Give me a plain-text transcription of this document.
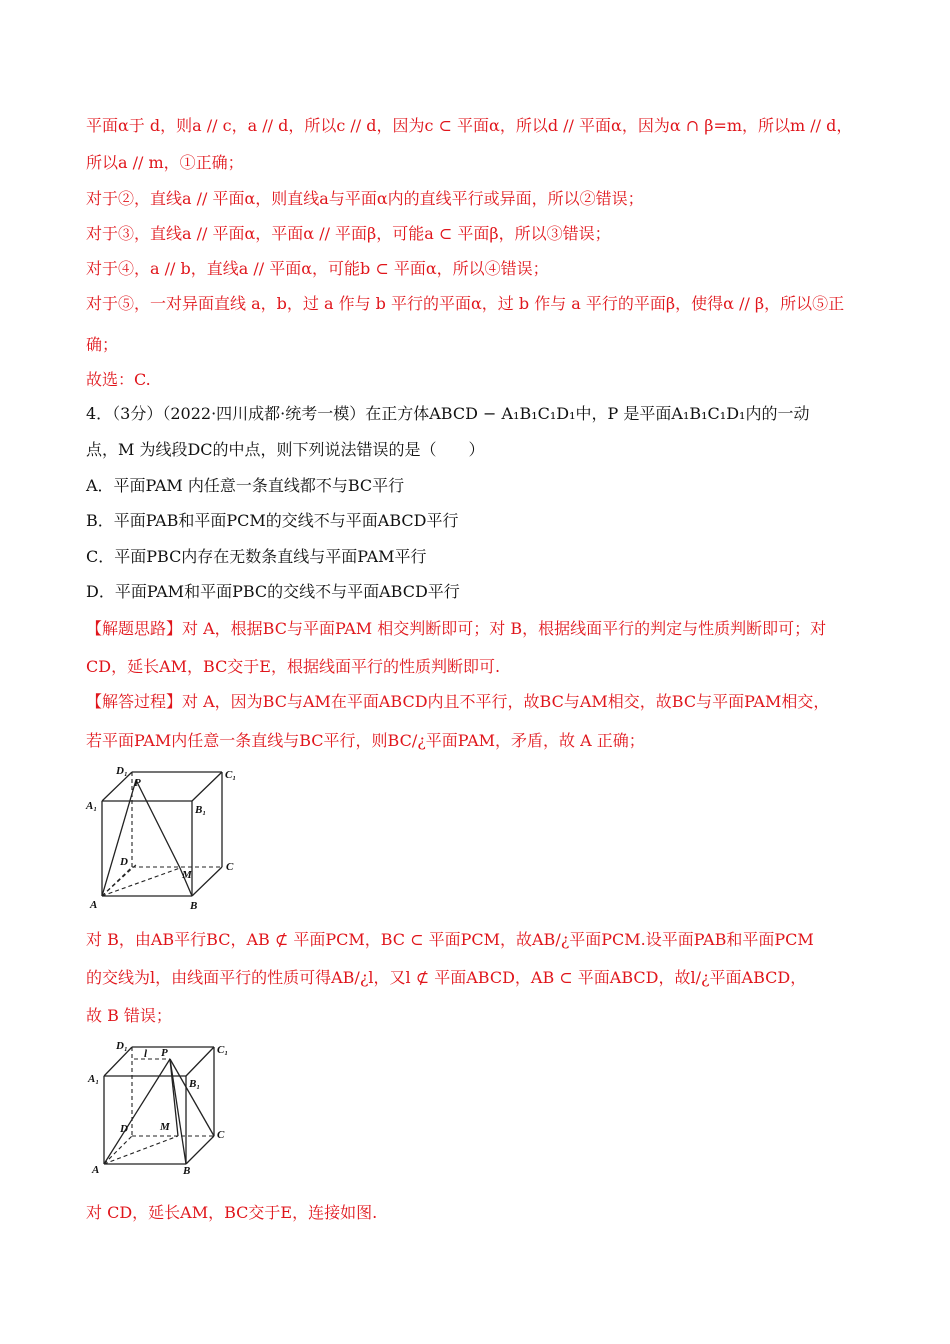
平面α于 d，则a // c，a // d，所以c // d，因为c ⊂ 平面α，所以d // 平面α，因为α ∩ β=m，所以m // d，
所以a // m，①正确；
对于②，直线a // 平面α，则直线a与平面α内的直线平行或异面，所以②错误；
对于③，直线a // 平面α，平面α // 平面β，可能a ⊂ 平面β，所以③错误；
对于④，a // b，直线a // 平面α，可能b ⊂ 平面α，所以④错误；
对于⑤，一对异面直线 a，b，过 a 作与 b 平行的平面α，过 b 作与 a 平行的平面β，使得α // β，所以⑤正
确；
故选：C.
4．（3分）（2022·四川成都·统考一模）在正方体ABCD − A₁B₁C₁D₁中，P 是平面A₁B₁C₁D₁内的一动
点，M 为线段DC的中点，则下列说法错误的是（　　）
A．平面PAM 内任意一条直线都不与BC平行
B．平面PAB和平面PCM的交线不与平面ABCD平行
C．平面PBC内存在无数条直线与平面PAM平行
D．平面PAM和平面PBC的交线不与平面ABCD平行
【解题思路】对 A，根据BC与平面PAM 相交判断即可；对 B，根据线面平行的判定与性质判断即可；对
CD，延长AM，BC交于E，根据线面平行的性质判断即可.
【解答过程】对 A，因为BC与AM在平面ABCD内且不平行，故BC与AM相交，故BC与平面PAM相交，
若平面PAM内任意一条直线与BC平行，则BC/¿平面PAM，矛盾，故 A 正确；
D₁
P
C₁
A₁	B₁
D	C
M
A	B
对 B，由AB平行BC，AB ⊄ 平面PCM，BC ⊂ 平面PCM，故AB/¿平面PCM.设平面PAB和平面PCM
的交线为l，由线面平行的性质可得AB/¿l，又l ⊄ 平面ABCD，AB ⊂ 平面ABCD，故l/¿平面ABCD，
故 B 错误；
D₁
l P	C₁
A₁	B₁
D	M
C
A	B
对 CD，延长AM，BC交于E，连接如图.
